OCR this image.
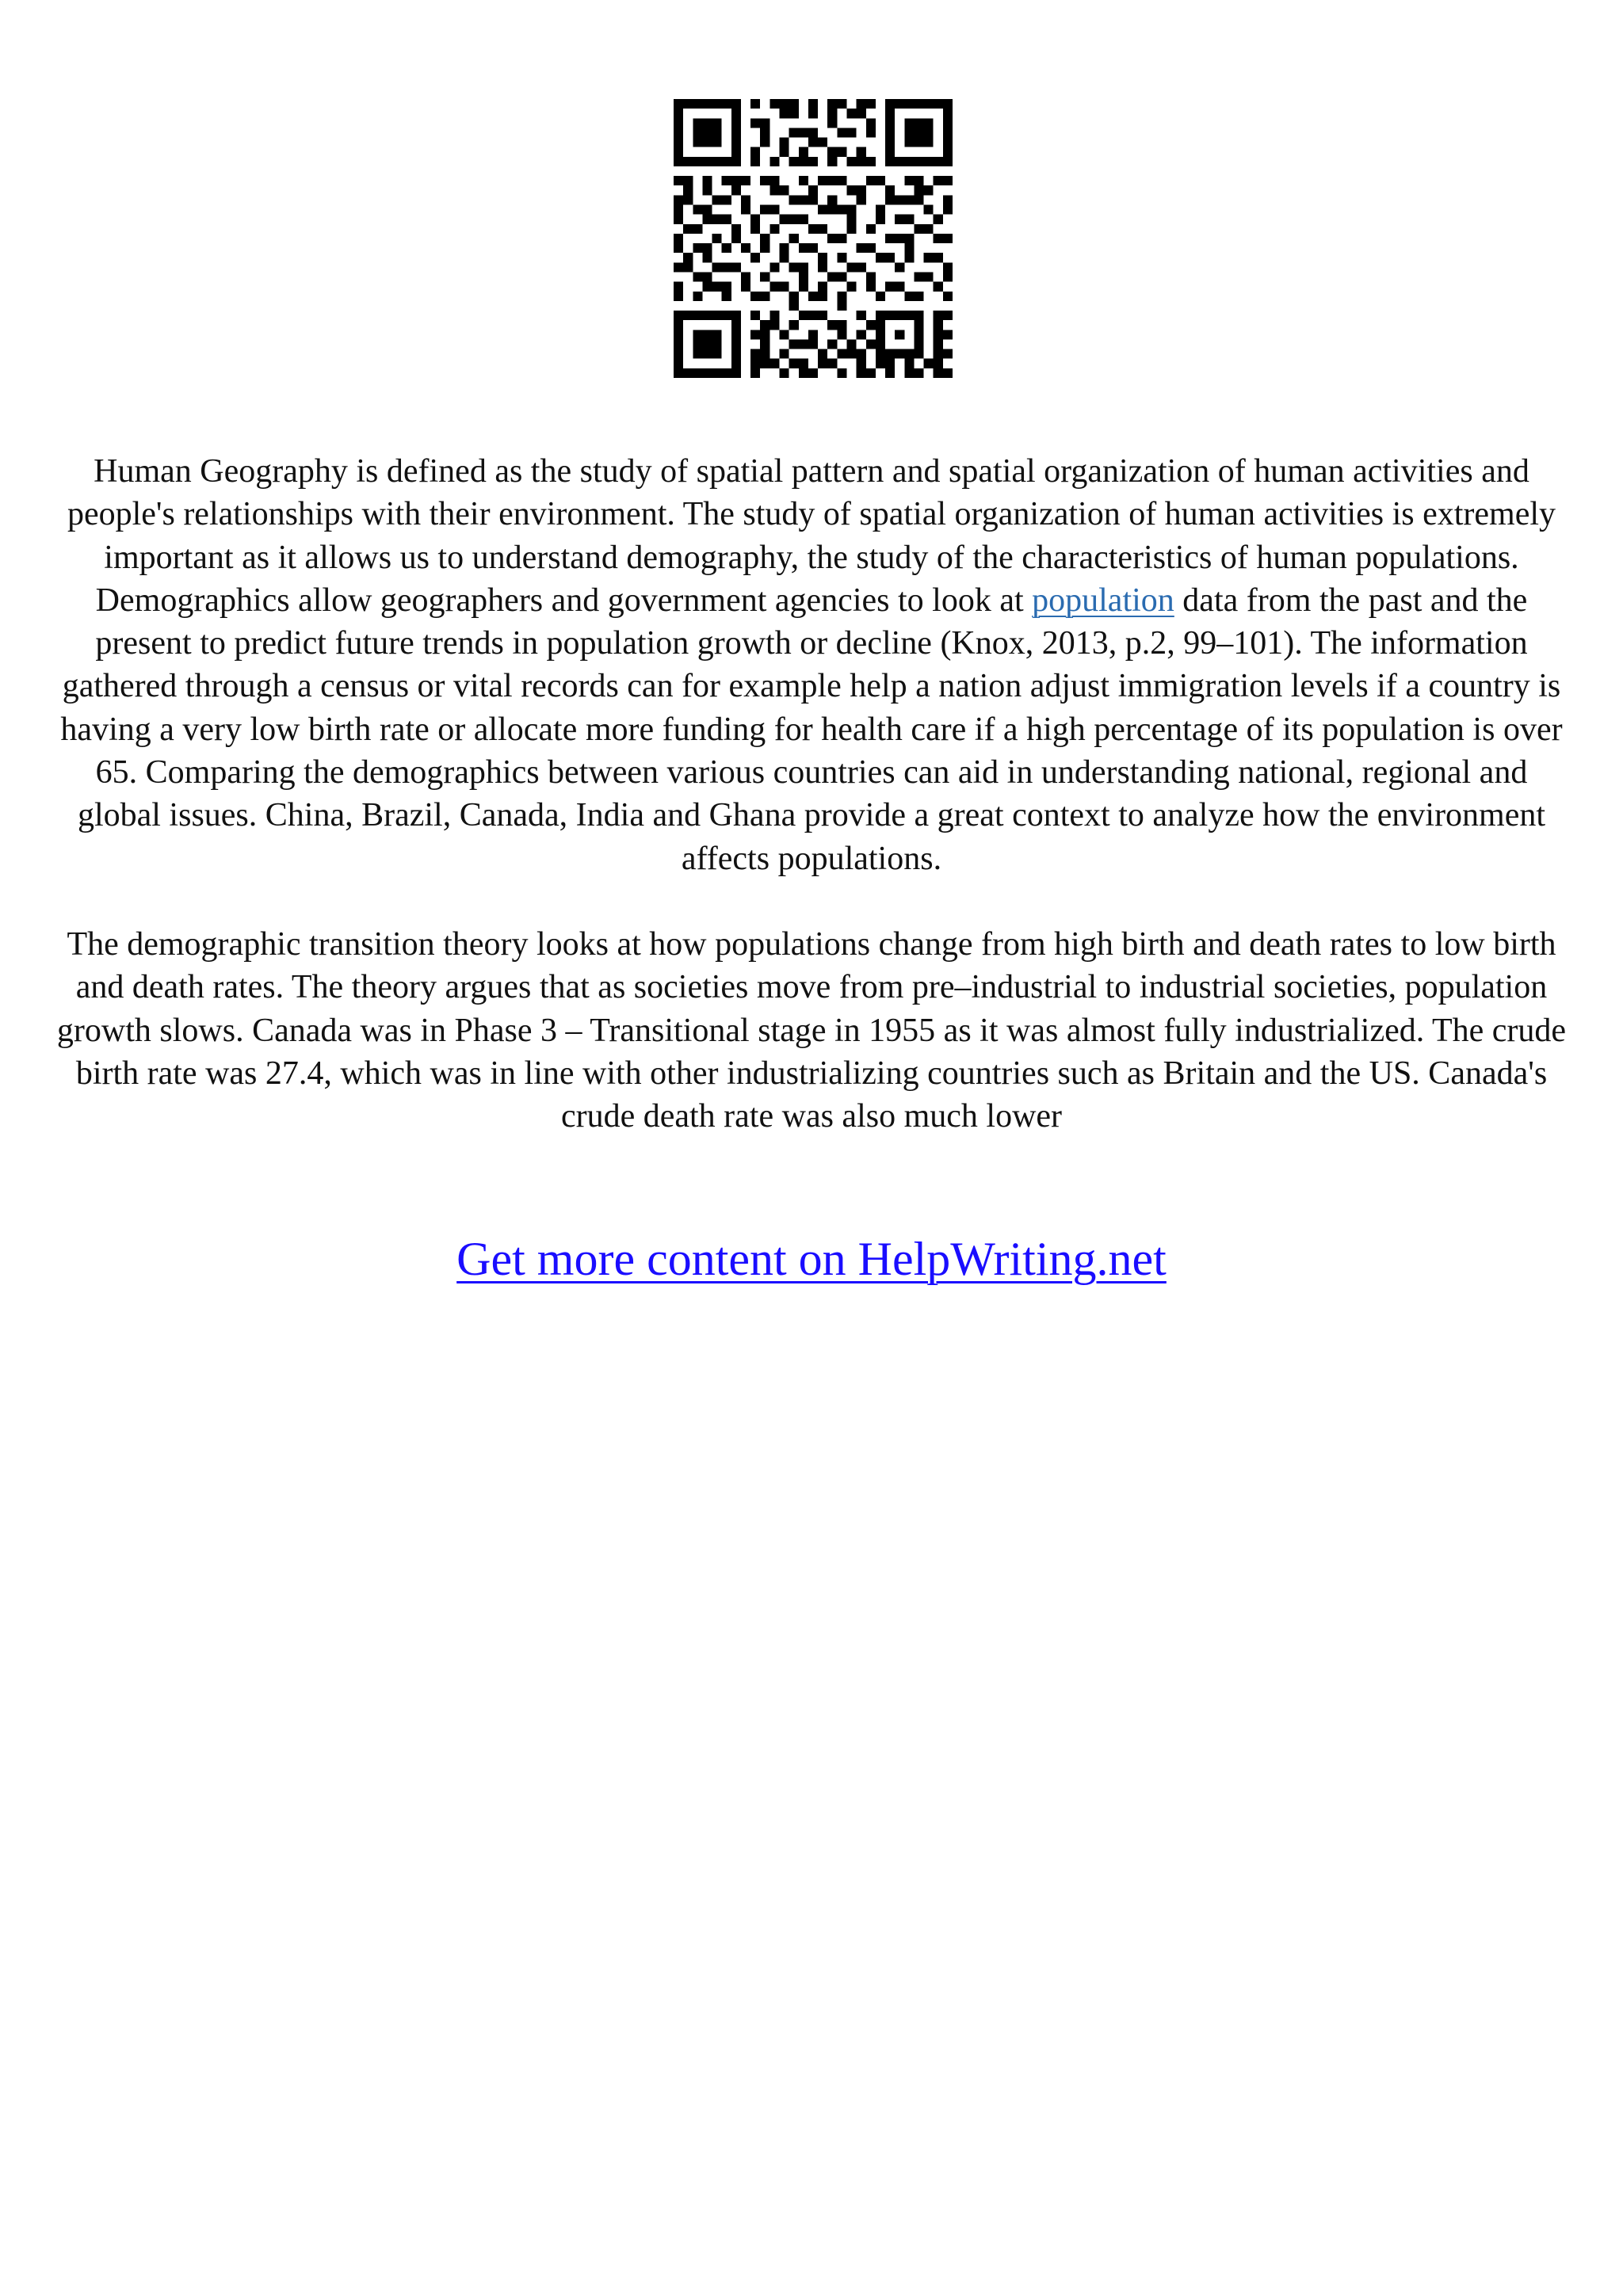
Human Geography is defined as the study of spatial pattern and spatial organization of human activities and people's relationships with their environment. The study of spatial organization of human activities is extremely important as it allows us to understand demography, the study of the characteristics of human populations. Demographics allow geographers and government agencies to look at population data from the past and the present to predict future trends in population growth or decline (Knox, 2013, p.2, 99–101). The information gathered through a census or vital records can for example help a nation adjust immigration levels if a country is having a very low birth rate or allocate more funding for health care if a high percentage of its population is over 65. Comparing the demographics between various countries can aid in understanding national, regional and global issues. China, Brazil, Canada, India and Ghana provide a great context to analyze how the environment affects populations.

The demographic transition theory looks at how populations change from high birth and death rates to low birth and death rates. The theory argues that as societies move from pre–industrial to industrial societies, population growth slows. Canada was in Phase 3 – Transitional stage in 1955 as it was almost fully industrialized. The crude birth rate was 27.4, which was in line with other industrializing countries such as Britain and the US. Canada's crude death rate was also much lower

Get more content on HelpWriting.net
